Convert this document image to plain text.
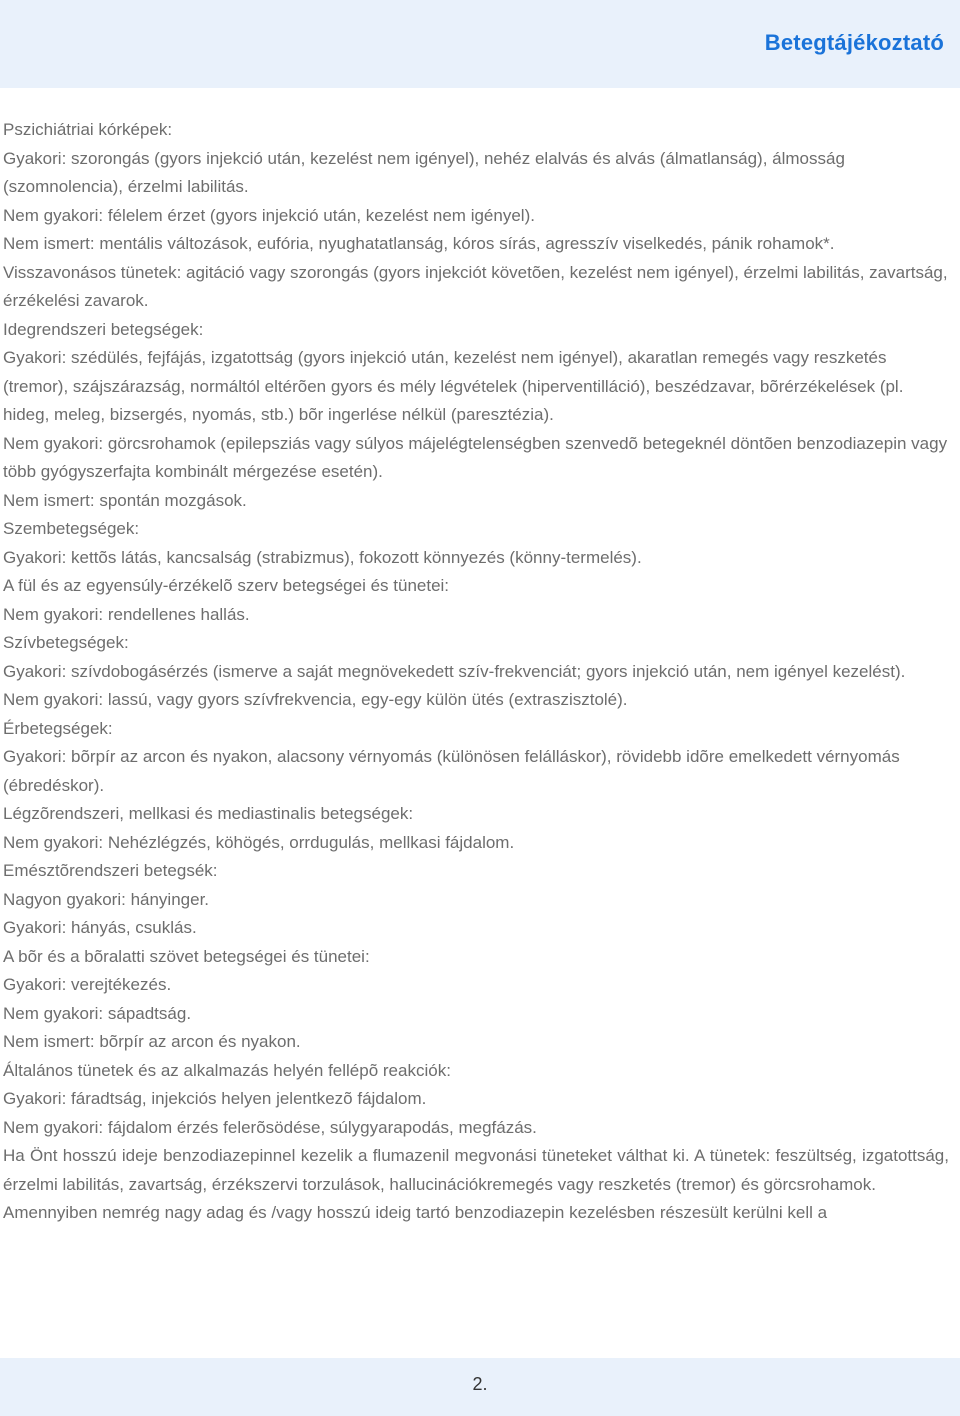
Betegtájékoztató

Pszichiátriai kórképek:

Gyakori: szorongás (gyors injekció után, kezelést nem igényel), nehéz elalvás és alvás (álmatlanság), álmosság (szomnolencia), érzelmi labilitás.

Nem gyakori: félelem érzet (gyors injekció után, kezelést nem igényel).

Nem ismert: mentális változások, eufória, nyughatatlanság, kóros sírás, agresszív viselkedés, pánik rohamok*.

Visszavonásos tünetek: agitáció vagy szorongás (gyors injekciót követõen, kezelést nem igényel), érzelmi labilitás, zavartság, érzékelési zavarok.

Idegrendszeri betegségek:

Gyakori: szédülés, fejfájás, izgatottság (gyors injekció után, kezelést nem igényel), akaratlan remegés vagy reszketés (tremor), szájszárazság, normáltól eltérõen gyors és mély légvételek (hiperventilláció), beszédzavar, bõrérzékelések (pl. hideg, meleg, bizsergés, nyomás, stb.) bõr ingerlése nélkül (paresztézia).

Nem gyakori: görcsrohamok (epilepsziás vagy súlyos májelégtelenségben szenvedõ betegeknél döntõen benzodiazepin vagy több gyógyszerfajta kombinált mérgezése esetén).

Nem ismert: spontán mozgások.

Szembetegségek:

Gyakori: kettõs látás, kancsalság (strabizmus), fokozott könnyezés (könny-termelés).

A fül és az egyensúly-érzékelõ szerv betegségei és tünetei:

Nem gyakori: rendellenes hallás.

Szívbetegségek:

Gyakori: szívdobogásérzés (ismerve a saját megnövekedett szív-frekvenciát; gyors injekció után, nem igényel kezelést).

Nem gyakori: lassú, vagy gyors szívfrekvencia, egy-egy külön ütés (extraszisztolé).

Érbetegségek:

Gyakori: bõrpír az arcon és nyakon, alacsony vérnyomás (különösen felálláskor), rövidebb idõre emelkedett vérnyomás (ébredéskor).

Légzõrendszeri, mellkasi és mediastinalis betegségek:

Nem gyakori: Nehézlégzés, köhögés, orrdugulás, mellkasi fájdalom.

Emésztõrendszeri betegsék:

Nagyon gyakori: hányinger.

Gyakori: hányás, csuklás.

A bõr és a bõralatti szövet betegségei és tünetei:

Gyakori: verejtékezés.

Nem gyakori: sápadtság.

Nem ismert: bõrpír az arcon és nyakon.

Általános tünetek és az alkalmazás helyén fellépõ reakciók:

Gyakori: fáradtság, injekciós helyen jelentkezõ fájdalom.

Nem gyakori: fájdalom érzés felerõsödése, súlygyarapodás, megfázás.

Ha Önt hosszú ideje benzodiazepinnel kezelik a flumazenil megvonási tüneteket válthat ki. A tünetek: feszültség, izgatottság, érzelmi labilitás, zavartság, érzékszervi torzulások, hallucinációkremegés vagy reszketés (tremor) és görcsrohamok.

Amennyiben nemrég nagy adag és /vagy hosszú ideig tartó benzodiazepin kezelésben részesült kerülni kell a

2.
